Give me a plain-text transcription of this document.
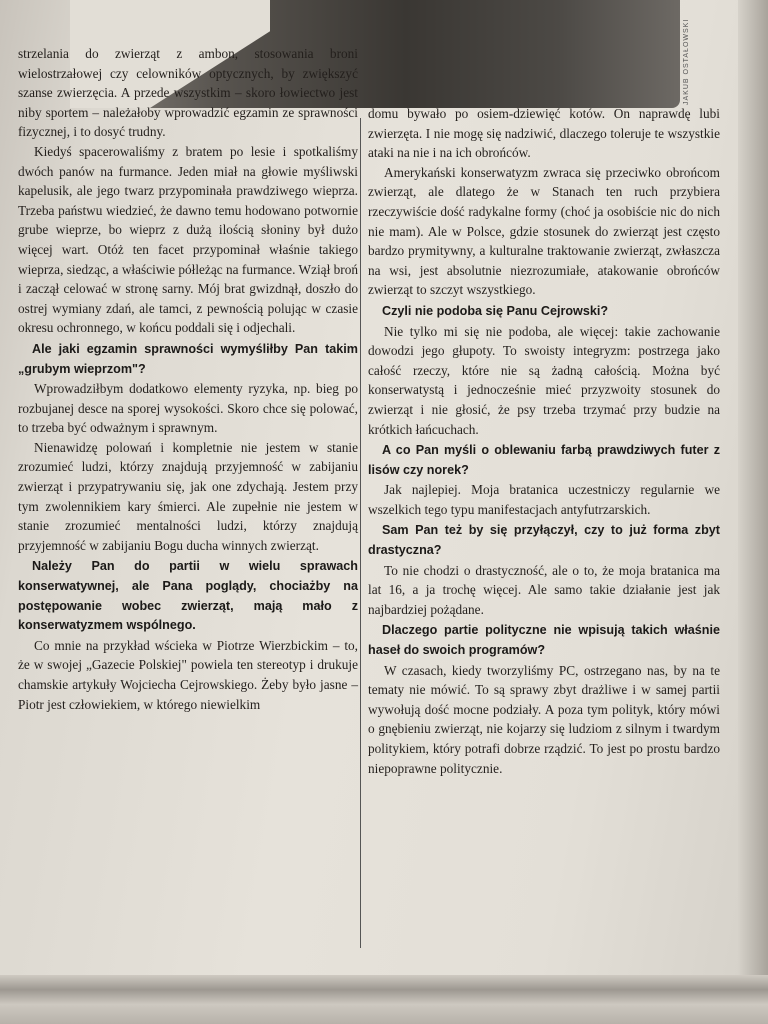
JAKUB OSTAŁOWSKI

strzelania do zwierząt z ambon, stosowania broni wielostrzałowej czy celowników optycznych, by zwiększyć szanse zwierzęcia. A przede wszystkim – skoro łowiectwo jest niby sportem – należałoby wprowadzić egzamin ze sprawności fizycznej, i to dosyć trudny.

Kiedyś spacerowaliśmy z bratem po lesie i spotkaliśmy dwóch panów na furmance. Jeden miał na głowie myśliwski kapelusik, ale jego twarz przypominała prawdziwego wieprza. Trzeba państwu wiedzieć, że dawno temu hodowano potwornie grube wieprze, bo wieprz z dużą ilością słoniny był dużo więcej wart. Otóż ten facet przypominał właśnie takiego wieprza, siedząc, a właściwie półleżąc na furmance. Wziął broń i zaczął celować w stronę sarny. Mój brat gwizdnął, doszło do ostrej wymiany zdań, ale tamci, z pewnością polując w czasie okresu ochronnego, w końcu poddali się i odjechali.

Ale jaki egzamin sprawności wymyśliłby Pan takim „grubym wieprzom"?

Wprowadziłbym dodatkowo elementy ryzyka, np. bieg po rozbujanej desce na sporej wysokości. Skoro chce się polować, to trzeba być odważnym i sprawnym.

Nienawidzę polowań i kompletnie nie jestem w stanie zrozumieć ludzi, którzy znajdują przyjemność w zabijaniu zwierząt i przypatrywaniu się, jak one zdychają. Jestem przy tym zwolennikiem kary śmierci. Ale zupełnie nie jestem w stanie zrozumieć mentalności ludzi, którzy znajdują przyjemność w zabijaniu Bogu ducha winnych zwierząt.

Należy Pan do partii w wielu sprawach konserwatywnej, ale Pana poglądy, chociażby na postępowanie wobec zwierząt, mają mało z konserwatyzmem wspólnego.

Co mnie na przykład wścieka w Piotrze Wierzbickim – to, że w swojej „Gazecie Polskiej" powiela ten stereotyp i drukuje chamskie artykuły Wojciecha Cejrowskiego. Żeby było jasne – Piotr jest człowiekiem, w którego niewielkim

domu bywało po osiem-dziewięć kotów. On naprawdę lubi zwierzęta. I nie mogę się nadziwić, dlaczego toleruje te wszystkie ataki na nie i na ich obrońców.

Amerykański konserwatyzm zwraca się przeciwko obrońcom zwierząt, ale dlatego że w Stanach ten ruch przybiera rzeczywiście dość radykalne formy (choć ja osobiście nic do nich nie mam). Ale w Polsce, gdzie stosunek do zwierząt jest często bardzo prymitywny, a kulturalne traktowanie zwierząt, zwłaszcza na wsi, jest absolutnie niezrozumiałe, atakowanie obrońców zwierząt to szczyt wszystkiego.

Czyli nie podoba się Panu Cejrowski?

Nie tylko mi się nie podoba, ale więcej: takie zachowanie dowodzi jego głupoty. To swoisty integryzm: postrzega jako całość rzeczy, które nie są żadną całością. Można być konserwatystą i jednocześnie mieć przyzwoity stosunek do zwierząt i nie głosić, że psy trzeba trzymać przy budzie na krótkich łańcuchach.

A co Pan myśli o oblewaniu farbą prawdziwych futer z lisów czy norek?

Jak najlepiej. Moja bratanica uczestniczy regularnie we wszelkich tego typu manifestacjach antyfutrzarskich.

Sam Pan też by się przyłączył, czy to już forma zbyt drastyczna?

To nie chodzi o drastyczność, ale o to, że moja bratanica ma lat 16, a ja trochę więcej. Ale samo takie działanie jest jak najbardziej pożądane.

Dlaczego partie polityczne nie wpisują takich właśnie haseł do swoich programów?

W czasach, kiedy tworzyliśmy PC, ostrzegano nas, by na te tematy nie mówić. To są sprawy zbyt drażliwe i w samej partii wywołują dość mocne podziały. A poza tym polityk, który mówi o gnębieniu zwierząt, nie kojarzy się ludziom z silnym i twardym politykiem, który potrafi dobrze rządzić. To jest po prostu bardzo niepoprawne politycznie.
